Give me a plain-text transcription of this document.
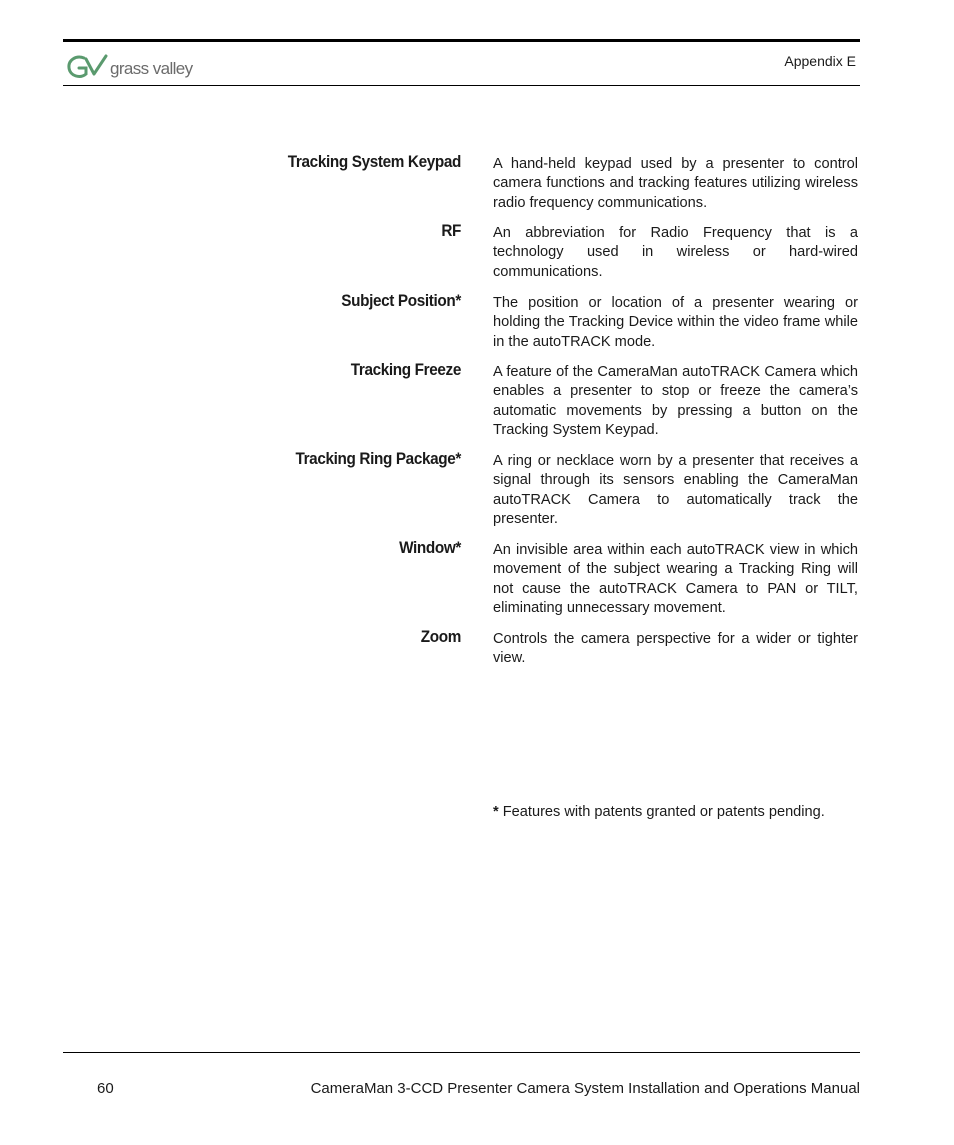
grass valley	Appendix E
Tracking System Keypad A hand-held keypad used by a presenter to control camera functions and tracking features utilizing wireless radio frequency communications.
RF An abbreviation for Radio Frequency that is a technology used in wireless or hard-wired communications.
Subject Position* The position or location of a presenter wearing or holding the Tracking Device within the video frame while in the autoTRACK mode.
Tracking Freeze A feature of the CameraMan autoTRACK Camera which enables a presenter to stop or freeze the camera’s automatic movements by pressing a button on the Tracking System Keypad.
Tracking Ring Package* A ring or necklace worn by a presenter that receives a signal through its sensors enabling the CameraMan autoTRACK Camera to automatically track the presenter.
Window* An invisible area within each autoTRACK view in which movement of the subject wearing a Tracking Ring will not cause the autoTRACK Camera to PAN or TILT, eliminating unnecessary movement.
Zoom Controls the camera perspective for a wider or tighter view.
* Features with patents granted or patents pending.
60	CameraMan 3-CCD Presenter Camera System Installation and Operations Manual
